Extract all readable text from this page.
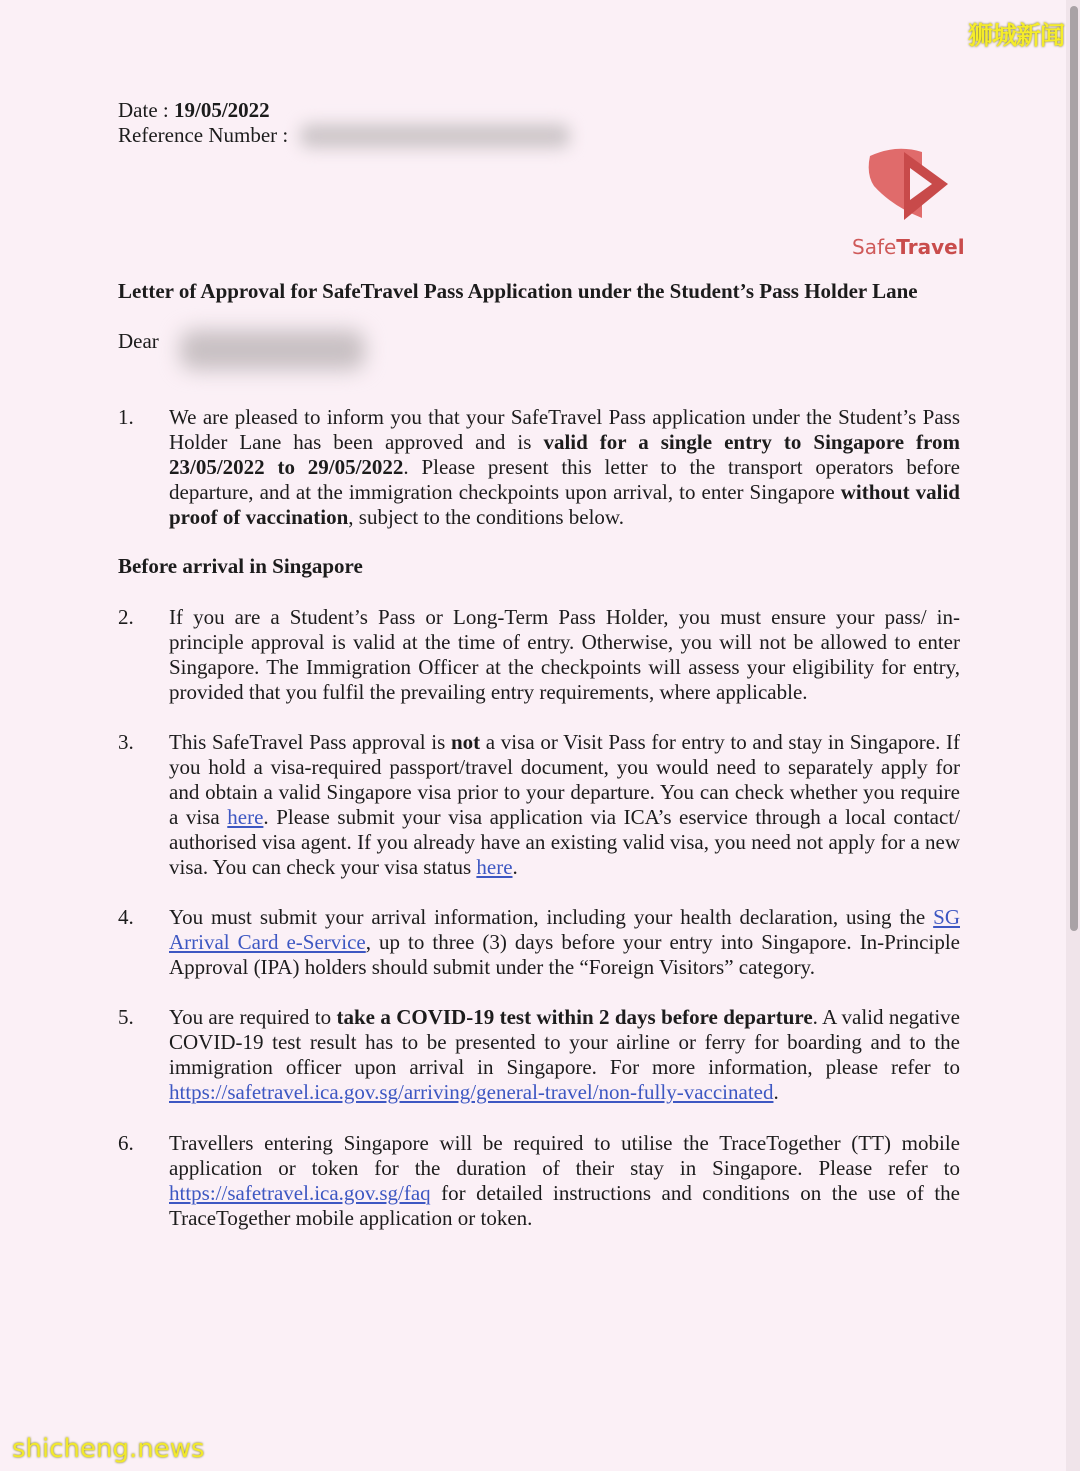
狮城新闻
Date : 19/05/2022
Reference Number :
SafeTravel
Letter of Approval for SafeTravel Pass Application under the Student’s Pass Holder Lane
Dear
1.	We are pleased to inform you that your SafeTravel Pass application under the Student’s Pass Holder Lane has been approved and is valid for a single entry to Singapore from 23/05/2022 to 29/05/2022. Please present this letter to the transport operators before departure, and at the immigration checkpoints upon arrival, to enter Singapore without valid proof of vaccination, subject to the conditions below.
Before arrival in Singapore
2.	If you are a Student’s Pass or Long-Term Pass Holder, you must ensure your pass/ in-principle approval is valid at the time of entry. Otherwise, you will not be allowed to enter Singapore. The Immigration Officer at the checkpoints will assess your eligibility for entry, provided that you fulfil the prevailing entry requirements, where applicable.
3.	This SafeTravel Pass approval is not a visa or Visit Pass for entry to and stay in Singapore. If you hold a visa-required passport/travel document, you would need to separately apply for and obtain a valid Singapore visa prior to your departure. You can check whether you require a visa here. Please submit your visa application via ICA’s eservice through a local contact/ authorised visa agent. If you already have an existing valid visa, you need not apply for a new visa. You can check your visa status here.
4.	You must submit your arrival information, including your health declaration, using the SG Arrival Card e-Service, up to three (3) days before your entry into Singapore. In-Principle Approval (IPA) holders should submit under the “Foreign Visitors” category.
5.	You are required to take a COVID-19 test within 2 days before departure. A valid negative COVID-19 test result has to be presented to your airline or ferry for boarding and to the immigration officer upon arrival in Singapore. For more information, please refer to https://safetravel.ica.gov.sg/arriving/general-travel/non-fully-vaccinated.
6.	Travellers entering Singapore will be required to utilise the TraceTogether (TT) mobile application or token for the duration of their stay in Singapore. Please refer to https://safetravel.ica.gov.sg/faq for detailed instructions and conditions on the use of the TraceTogether mobile application or token.
shicheng.news
